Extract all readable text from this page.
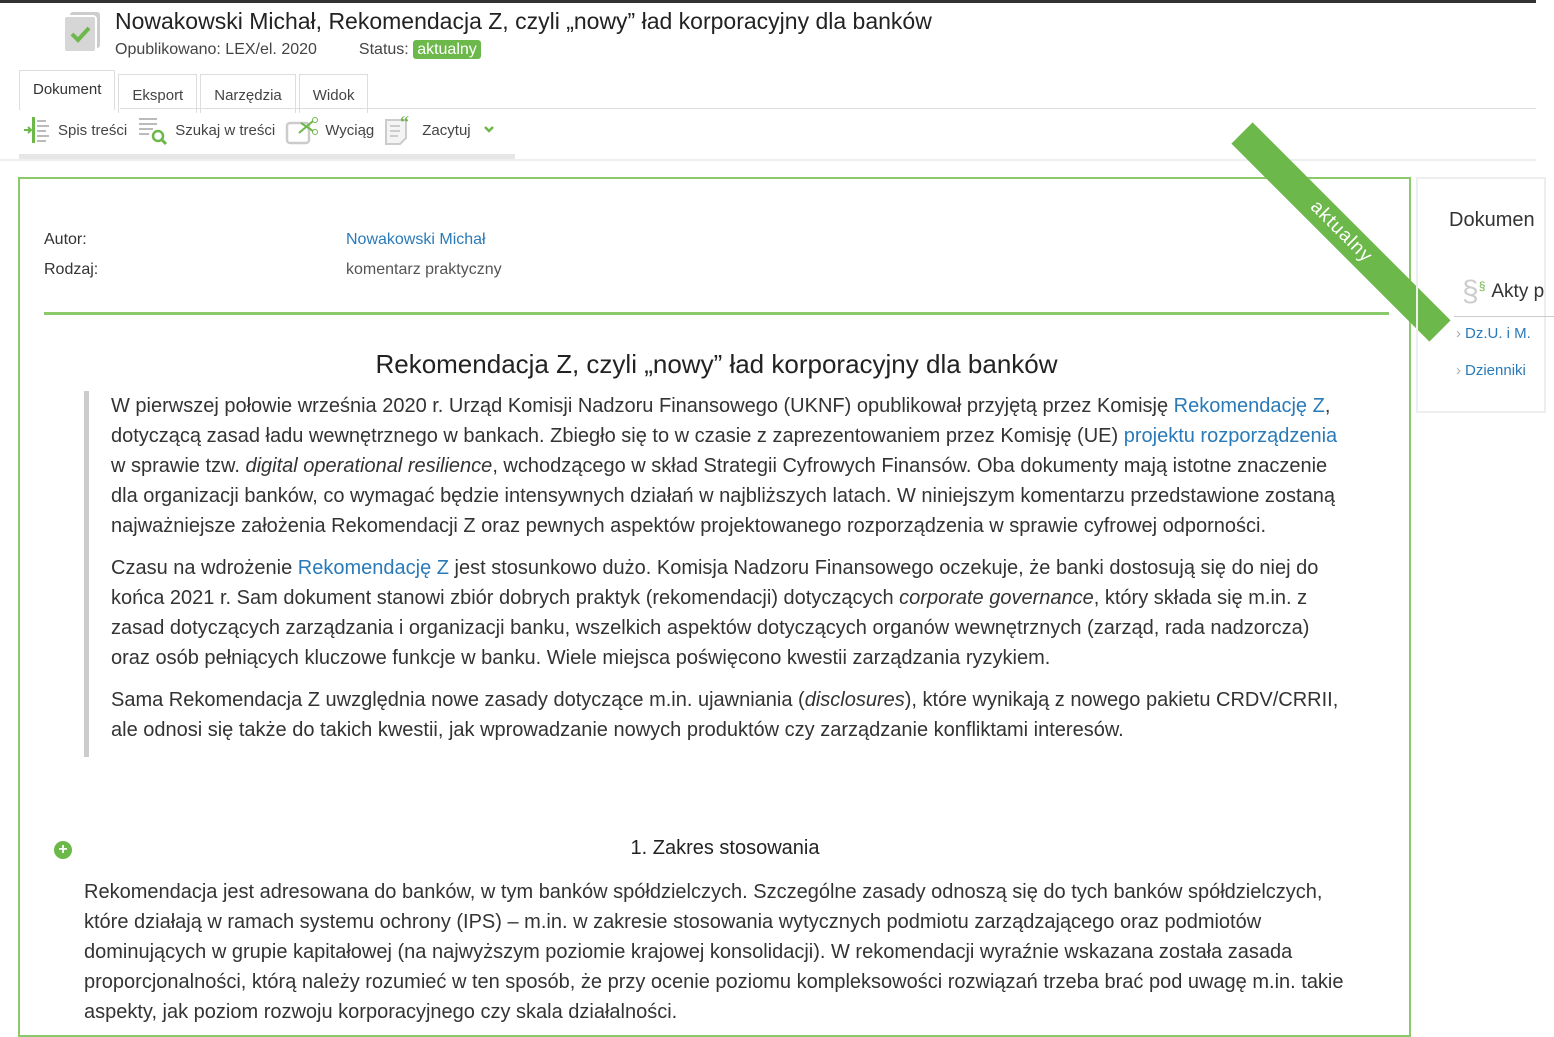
Nowakowski Michał, Rekomendacja Z, czyli „nowy” ład korporacyjny dla banków
Opublikowano: LEX/el. 2020	Status: aktualny
Dokument	Eksport	Narzędzia	Widok
Spis treści	Szukaj w treści	Wyciąg “ Zacytuj
aktualny
Autor:	Nowakowski Michał
Rodzaj:	komentarz praktyczny
Rekomendacja Z, czyli „nowy” ład korporacyjny dla banków

W pierwszej połowie września 2020 r. Urząd Komisji Nadzoru Finansowego (UKNF) opublikował przyjętą przez Komisję Rekomendację Z, dotyczącą zasad ładu wewnętrznego w bankach. Zbiegło się to w czasie z zaprezentowaniem przez Komisję (UE) projektu rozporządzenia w sprawie tzw. digital operational resilience, wchodzącego w skład Strategii Cyfrowych Finansów. Oba dokumenty mają istotne znaczenie dla organizacji banków, co wymagać będzie intensywnych działań w najbliższych latach. W niniejszym komentarzu przedstawione zostaną najważniejsze założenia Rekomendacji Z oraz pewnych aspektów projektowanego rozporządzenia w sprawie cyfrowej odporności.

Czasu na wdrożenie Rekomendację Z jest stosunkowo dużo. Komisja Nadzoru Finansowego oczekuje, że banki dostosują się do niej do końca 2021 r. Sam dokument stanowi zbiór dobrych praktyk (rekomendacji) dotyczących corporate governance, który składa się m.in. z zasad dotyczących zarządzania i organizacji banku, wszelkich aspektów dotyczących organów wewnętrznych (zarząd, rada nadzorcza) oraz osób pełniących kluczowe funkcje w banku. Wiele miejsca poświęcono kwestii zarządzania ryzykiem.

Sama Rekomendacja Z uwzględnia nowe zasady dotyczące m.in. ujawniania (disclosures), które wynikają z nowego pakietu CRDV/CRRII, ale odnosi się także do takich kwestii, jak wprowadzanie nowych produktów czy zarządzanie konfliktami interesów.

+	1. Zakres stosowania
Rekomendacja jest adresowana do banków, w tym banków spółdzielczych. Szczególne zasady odnoszą się do tych banków spółdzielczych, które działają w ramach systemu ochrony (IPS) – m.in. w zakresie stosowania wytycznych podmiotu zarządzającego oraz podmiotów dominujących w grupie kapitałowej (na najwyższym poziomie krajowej konsolidacji). W rekomendacji wyraźnie wskazana została zasada proporcjonalności, którą należy rozumieć w ten sposób, że przy ocenie poziomu kompleksowości rozwiązań trzeba brać pod uwagę m.in. takie aspekty, jak poziom rozwoju korporacyjnego czy skala działalności.
Dokumen
§§ Akty p
› Dz.U. i M.
› Dzienniki
